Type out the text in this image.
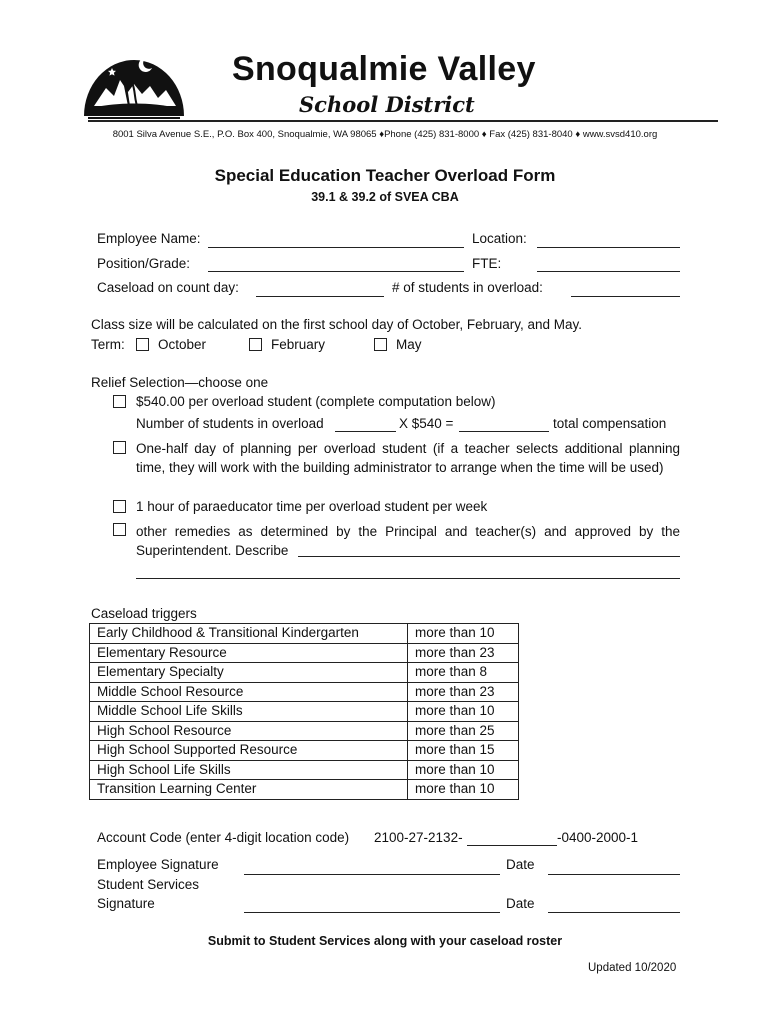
Snoqualmie Valley
School District
8001 Silva Avenue S.E., P.O. Box 400, Snoqualmie, WA 98065 ♦Phone (425) 831-8000 ♦ Fax (425) 831-8040 ♦ www.svsd410.org
Special Education Teacher Overload Form
39.1 & 39.2 of SVEA CBA
Employee Name:	Location:
Position/Grade:	FTE:
Caseload on count day:	# of students in overload:
Class size will be calculated on the first school day of October, February, and May.
Term: October	February	May
Relief Selection—choose one
$540.00 per overload student (complete computation below)
Number of students in overload	X $540 =	total compensation
One-half day of planning per overload student (if a teacher selects additional planning time, they will work with the building administrator to arrange when the time will be used)
1 hour of paraeducator time per overload student per week
other remedies as determined by the Principal and teacher(s) and approved by the Superintendent. Describe
Caseload triggers
Early Childhood & Transitional Kindergarten	more than 10
Elementary Resource	more than 23
Elementary Specialty	more than 8
Middle School Resource	more than 23
Middle School Life Skills	more than 10
High School Resource	more than 25
High School Supported Resource	more than 15
High School Life Skills	more than 10
Transition Learning Center	more than 10
Account Code (enter 4-digit location code) 2100-27-2132-	-0400-2000-1
Employee Signature	Date
Student Services
Signature	Date
Submit to Student Services along with your caseload roster
Updated 10/2020
